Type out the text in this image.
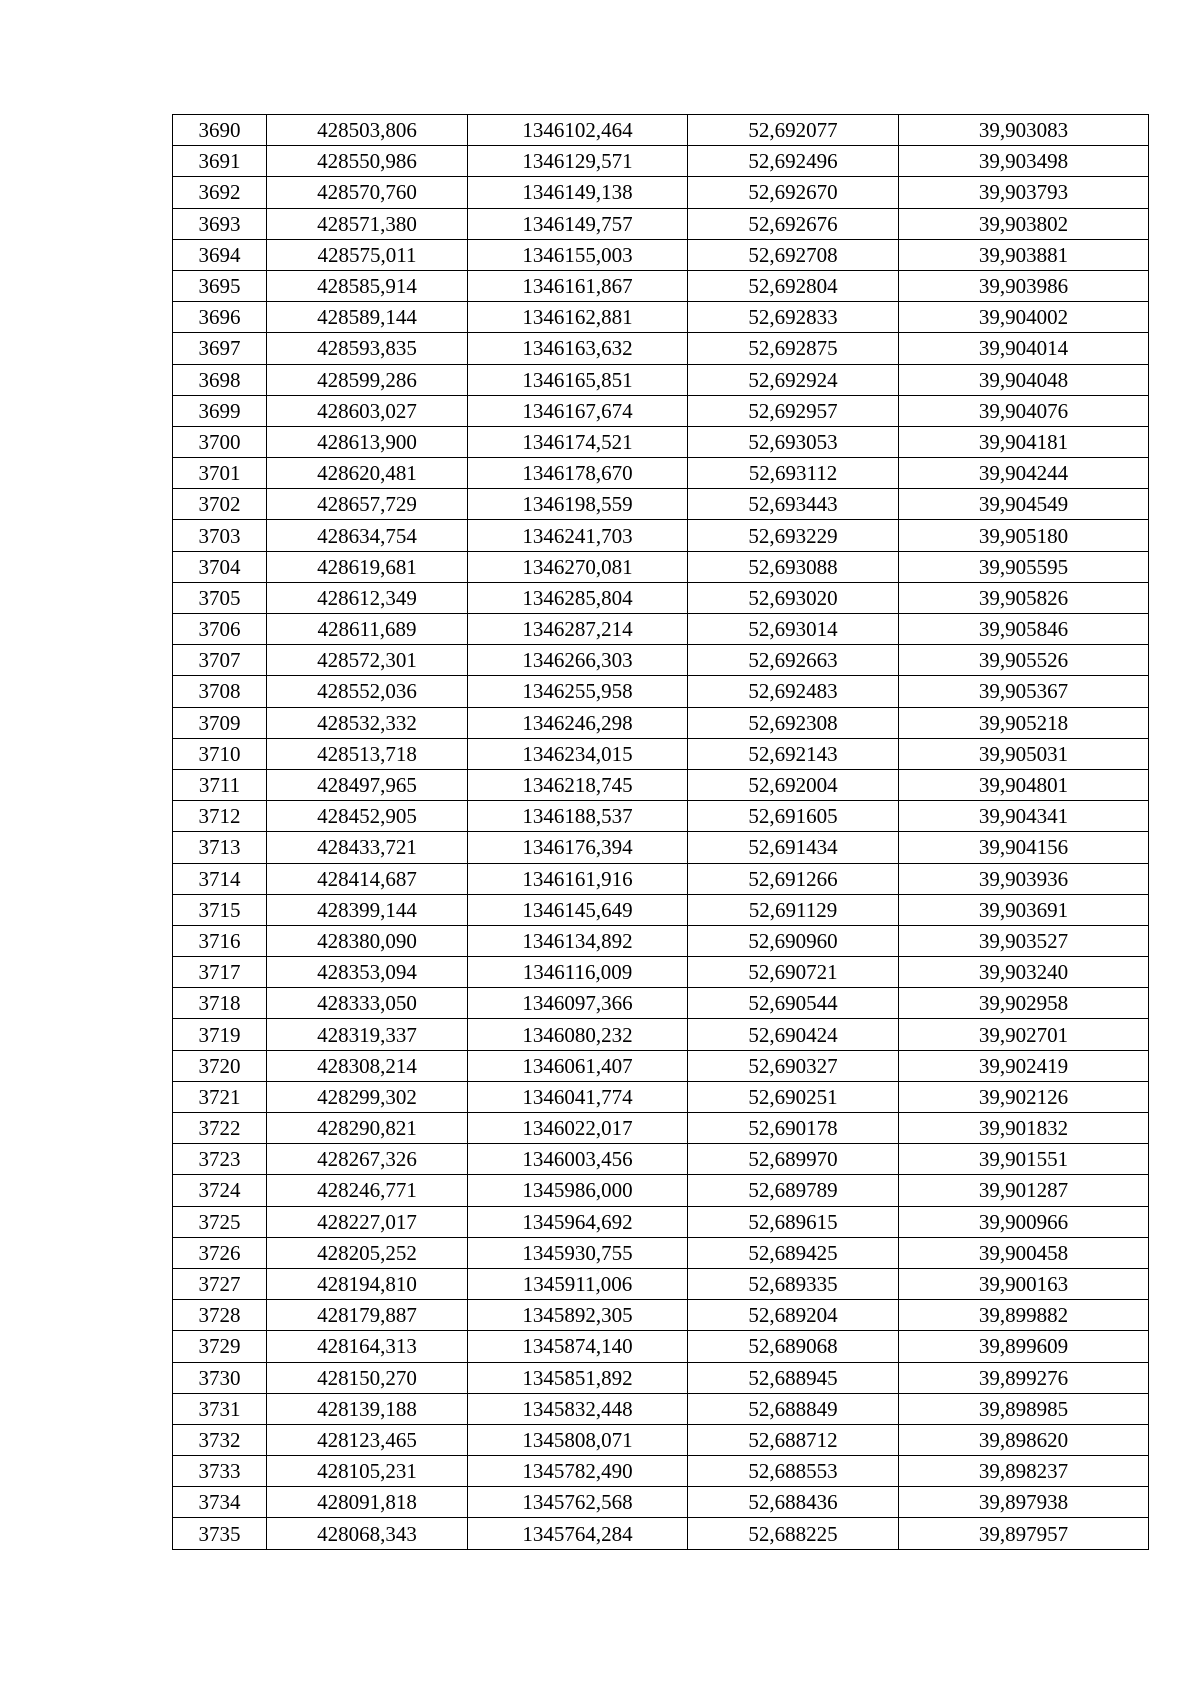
3690	428503,806	1346102,464	52,692077	39,903083
3691	428550,986	1346129,571	52,692496	39,903498
3692	428570,760	1346149,138	52,692670	39,903793
3693	428571,380	1346149,757	52,692676	39,903802
3694	428575,011	1346155,003	52,692708	39,903881
3695	428585,914	1346161,867	52,692804	39,903986
3696	428589,144	1346162,881	52,692833	39,904002
3697	428593,835	1346163,632	52,692875	39,904014
3698	428599,286	1346165,851	52,692924	39,904048
3699	428603,027	1346167,674	52,692957	39,904076
3700	428613,900	1346174,521	52,693053	39,904181
3701	428620,481	1346178,670	52,693112	39,904244
3702	428657,729	1346198,559	52,693443	39,904549
3703	428634,754	1346241,703	52,693229	39,905180
3704	428619,681	1346270,081	52,693088	39,905595
3705	428612,349	1346285,804	52,693020	39,905826
3706	428611,689	1346287,214	52,693014	39,905846
3707	428572,301	1346266,303	52,692663	39,905526
3708	428552,036	1346255,958	52,692483	39,905367
3709	428532,332	1346246,298	52,692308	39,905218
3710	428513,718	1346234,015	52,692143	39,905031
3711	428497,965	1346218,745	52,692004	39,904801
3712	428452,905	1346188,537	52,691605	39,904341
3713	428433,721	1346176,394	52,691434	39,904156
3714	428414,687	1346161,916	52,691266	39,903936
3715	428399,144	1346145,649	52,691129	39,903691
3716	428380,090	1346134,892	52,690960	39,903527
3717	428353,094	1346116,009	52,690721	39,903240
3718	428333,050	1346097,366	52,690544	39,902958
3719	428319,337	1346080,232	52,690424	39,902701
3720	428308,214	1346061,407	52,690327	39,902419
3721	428299,302	1346041,774	52,690251	39,902126
3722	428290,821	1346022,017	52,690178	39,901832
3723	428267,326	1346003,456	52,689970	39,901551
3724	428246,771	1345986,000	52,689789	39,901287
3725	428227,017	1345964,692	52,689615	39,900966
3726	428205,252	1345930,755	52,689425	39,900458
3727	428194,810	1345911,006	52,689335	39,900163
3728	428179,887	1345892,305	52,689204	39,899882
3729	428164,313	1345874,140	52,689068	39,899609
3730	428150,270	1345851,892	52,688945	39,899276
3731	428139,188	1345832,448	52,688849	39,898985
3732	428123,465	1345808,071	52,688712	39,898620
3733	428105,231	1345782,490	52,688553	39,898237
3734	428091,818	1345762,568	52,688436	39,897938
3735	428068,343	1345764,284	52,688225	39,897957
